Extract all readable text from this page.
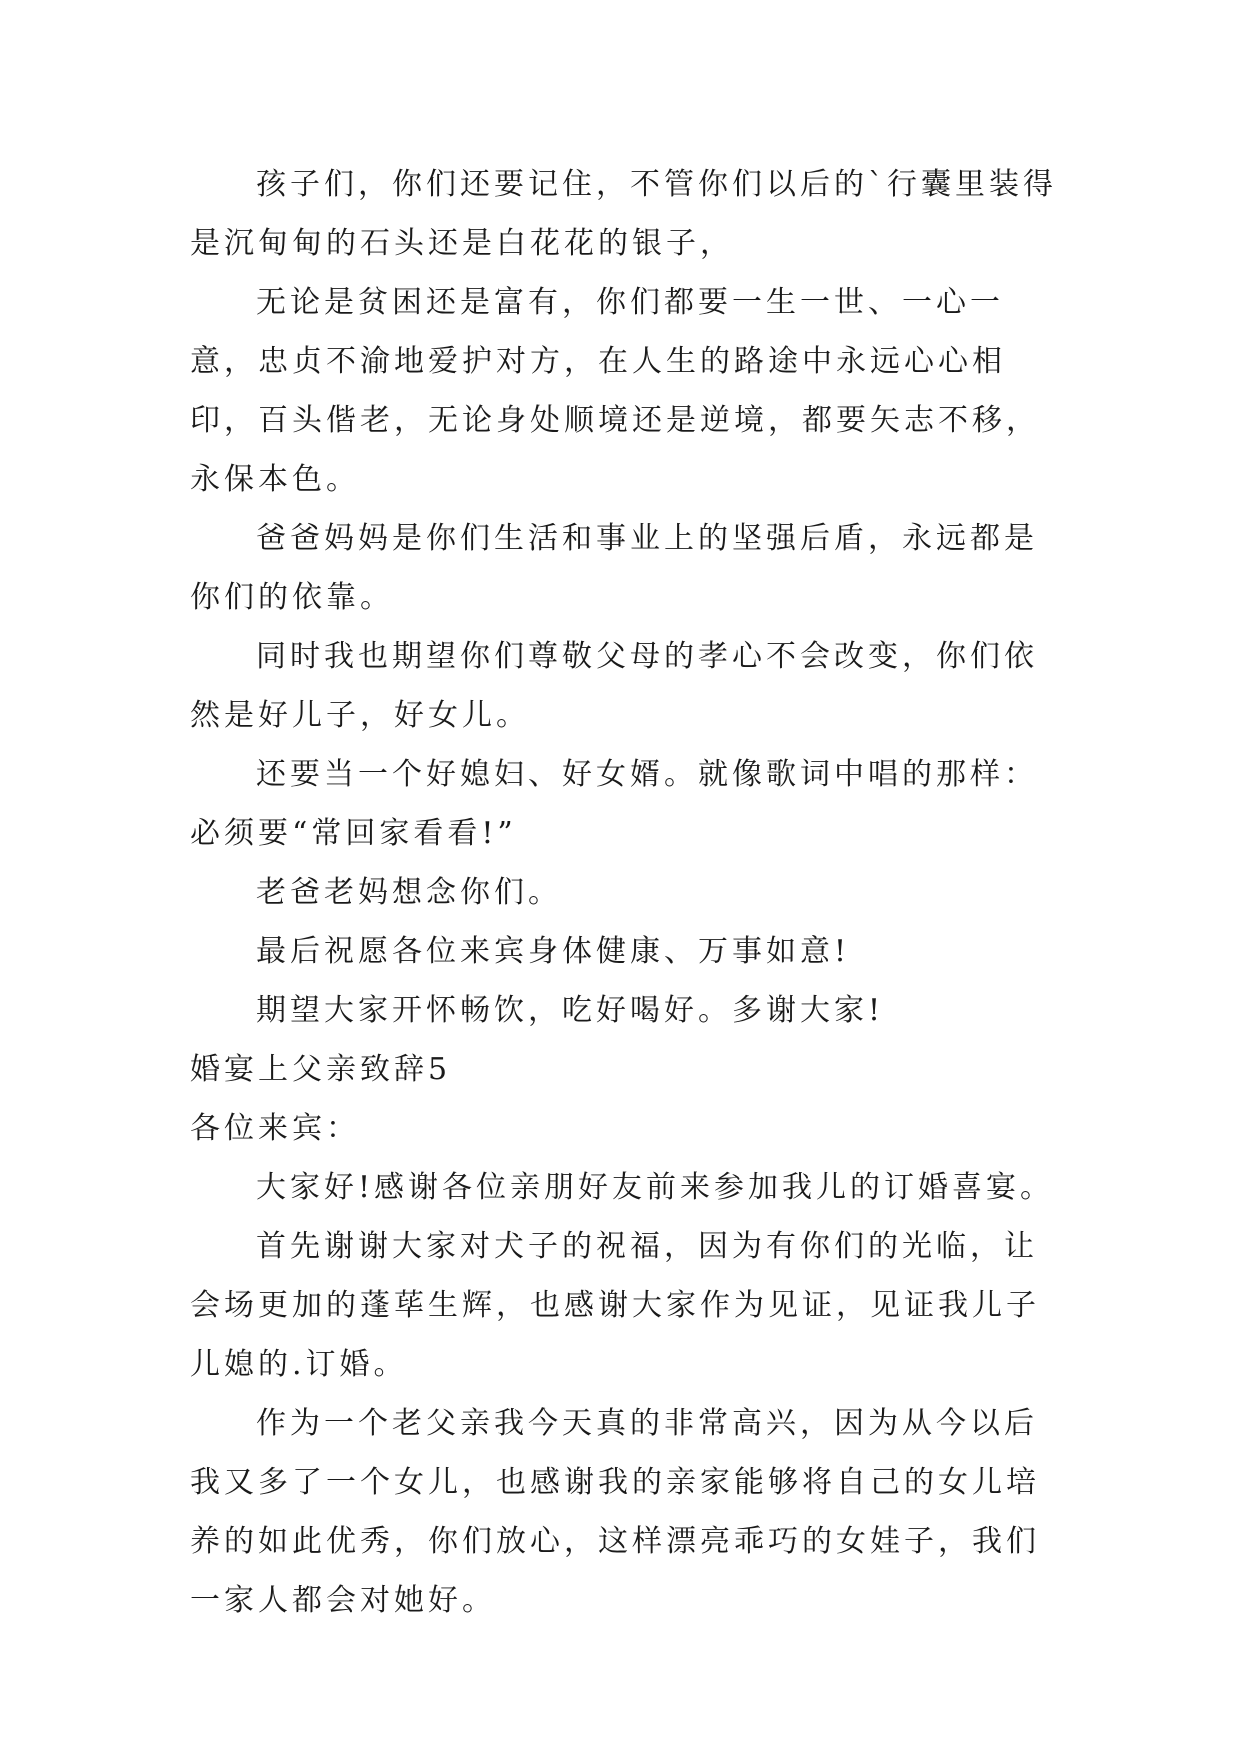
孩子们，你们还要记住，不管你们以后的`行囊里装得是沉甸甸的石头还是白花花的银子，

无论是贫困还是富有，你们都要一生一世、一心一意，忠贞不渝地爱护对方，在人生的路途中永远心心相印，百头偕老，无论身处顺境还是逆境，都要矢志不移，永保本色。

爸爸妈妈是你们生活和事业上的坚强后盾，永远都是你们的依靠。

同时我也期望你们尊敬父母的孝心不会改变，你们依然是好儿子，好女儿。

还要当一个好媳妇、好女婿。就像歌词中唱的那样：必须要“常回家看看!”

老爸老妈想念你们。

最后祝愿各位来宾身体健康、万事如意!

期望大家开怀畅饮，吃好喝好。多谢大家!

婚宴上父亲致辞5

各位来宾：

大家好!感谢各位亲朋好友前来参加我儿的订婚喜宴。

首先谢谢大家对犬子的祝福，因为有你们的光临，让会场更加的蓬荜生辉，也感谢大家作为见证，见证我儿子儿媳的.订婚。

作为一个老父亲我今天真的非常高兴，因为从今以后我又多了一个女儿，也感谢我的亲家能够将自己的女儿培养的如此优秀，你们放心，这样漂亮乖巧的女娃子，我们一家人都会对她好。
